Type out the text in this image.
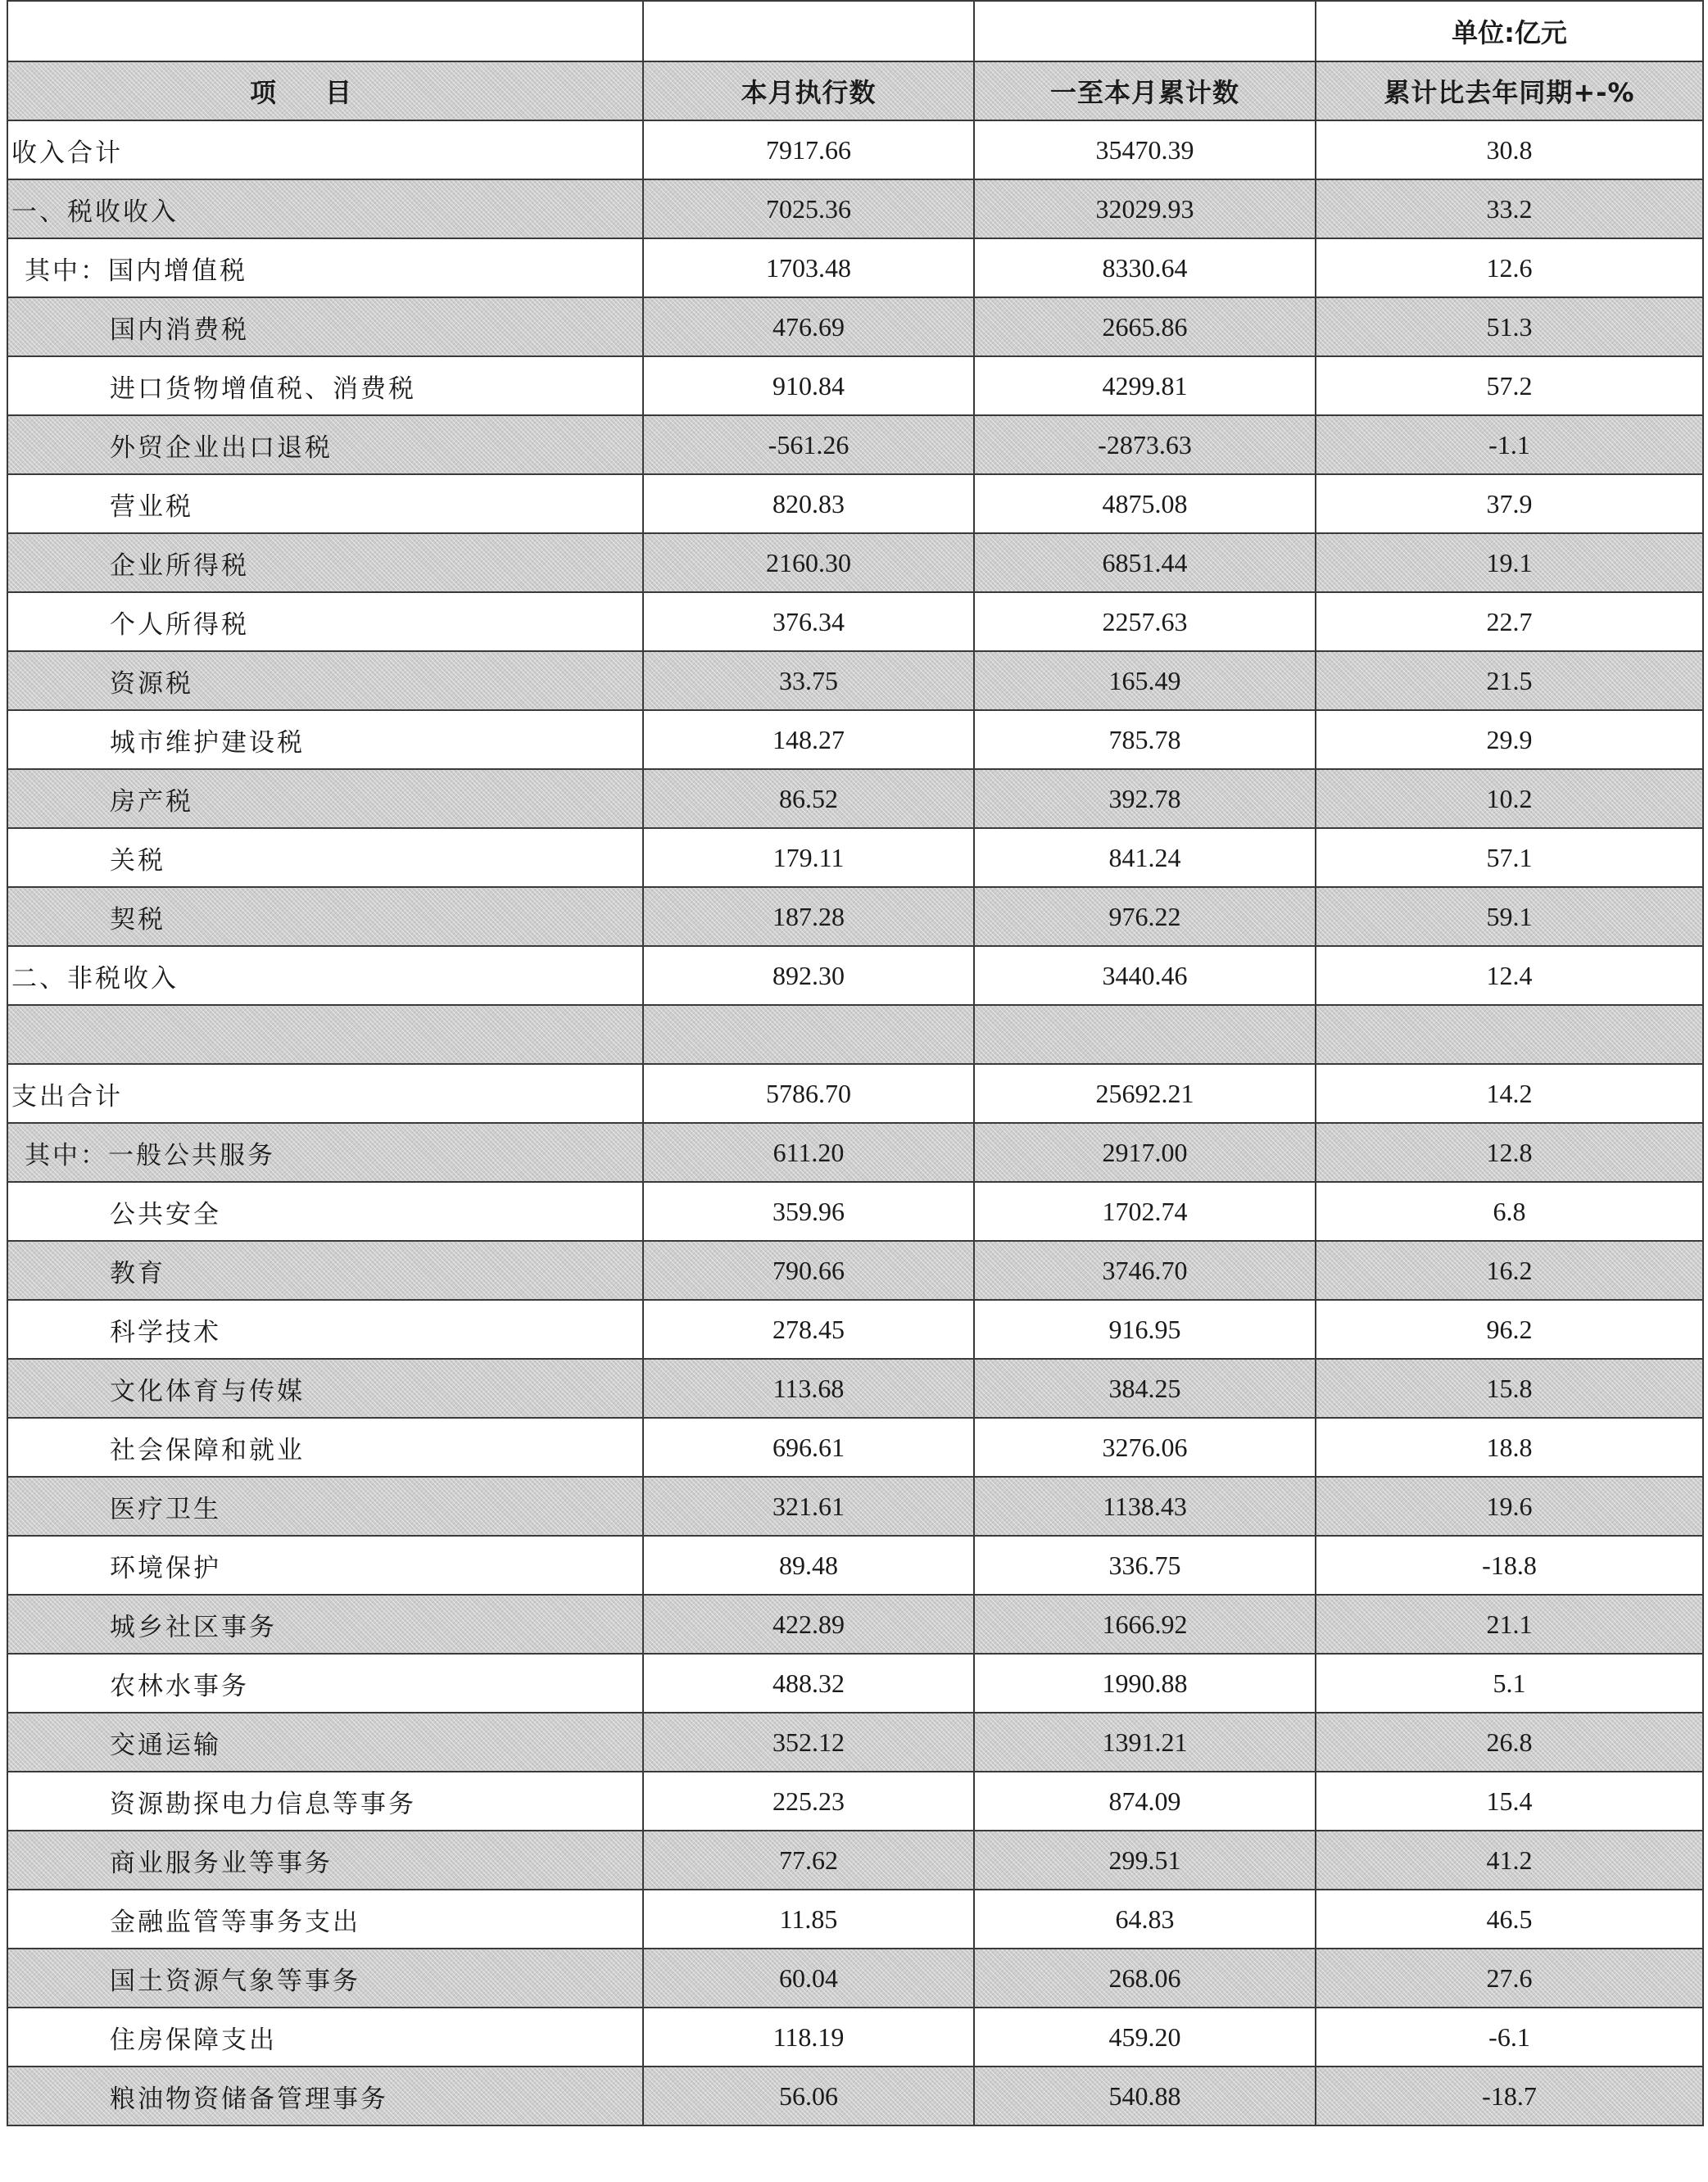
			单位:亿元
项目	本月执行数	一至本月累计数	累计比去年同期+-%
收入合计	7917.66	35470.39	30.8
一、税收收入	7025.36	32029.93	33.2
其中：国内增值税	1703.48	8330.64	12.6
国内消费税	476.69	2665.86	51.3
进口货物增值税、消费税	910.84	4299.81	57.2
外贸企业出口退税	-561.26	-2873.63	-1.1
营业税	820.83	4875.08	37.9
企业所得税	2160.30	6851.44	19.1
个人所得税	376.34	2257.63	22.7
资源税	33.75	165.49	21.5
城市维护建设税	148.27	785.78	29.9
房产税	86.52	392.78	10.2
关税	179.11	841.24	57.1
契税	187.28	976.22	59.1
二、非税收入	892.30	3440.46	12.4

支出合计	5786.70	25692.21	14.2
其中：一般公共服务	611.20	2917.00	12.8
公共安全	359.96	1702.74	6.8
教育	790.66	3746.70	16.2
科学技术	278.45	916.95	96.2
文化体育与传媒	113.68	384.25	15.8
社会保障和就业	696.61	3276.06	18.8
医疗卫生	321.61	1138.43	19.6
环境保护	89.48	336.75	-18.8
城乡社区事务	422.89	1666.92	21.1
农林水事务	488.32	1990.88	5.1
交通运输	352.12	1391.21	26.8
资源勘探电力信息等事务	225.23	874.09	15.4
商业服务业等事务	77.62	299.51	41.2
金融监管等事务支出	11.85	64.83	46.5
国土资源气象等事务	60.04	268.06	27.6
住房保障支出	118.19	459.20	-6.1
粮油物资储备管理事务	56.06	540.88	-18.7
